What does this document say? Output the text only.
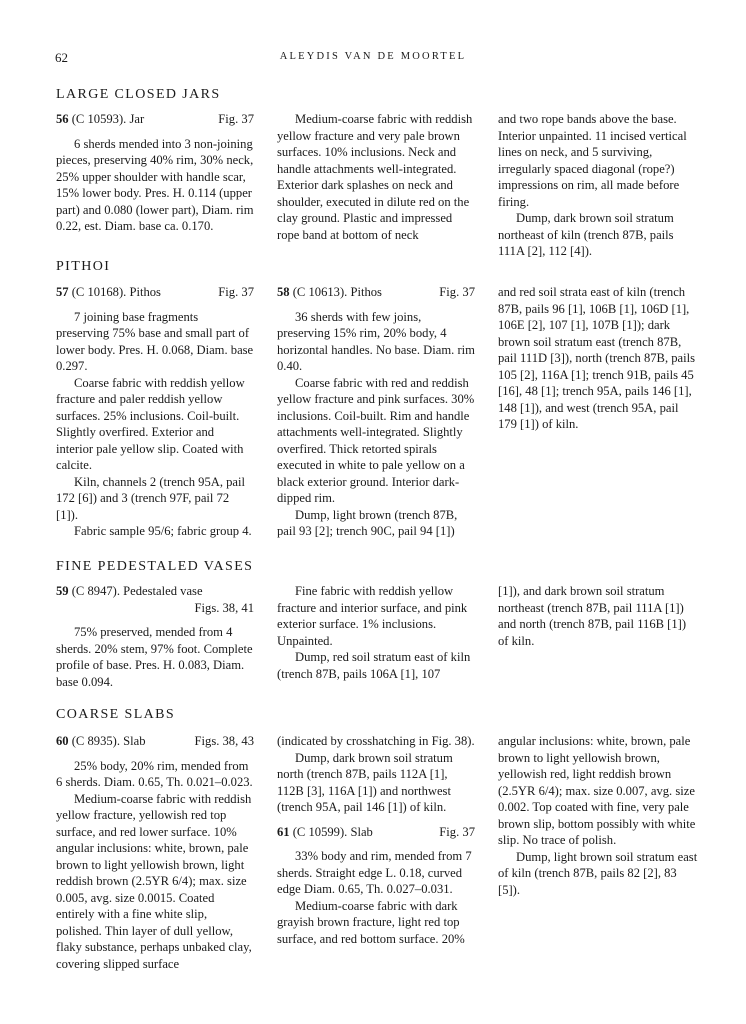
62	ALEYDIS VAN DE MOORTEL
LARGE CLOSED JARS
56 (C 10593). Jar	Fig. 37

6 sherds mended into 3 non-joining pieces, preserving 40% rim, 30% neck, 25% upper shoulder with handle scar, 15% lower body. Pres. H. 0.114 (upper part) and 0.080 (lower part), Diam. rim 0.22, est. Diam. base ca. 0.170.

Medium-coarse fabric with reddish yellow fracture and very pale brown surfaces. 10% inclusions. Neck and handle attachments well-integrated. Exterior dark splashes on neck and shoulder, executed in dilute red on the clay ground. Plastic and impressed rope band at bottom of neck

and two rope bands above the base. Interior unpainted. 11 incised vertical lines on neck, and 5 surviving, irregularly spaced diagonal (rope?) impressions on rim, all made before firing.

Dump, dark brown soil stratum northeast of kiln (trench 87B, pails 111A [2], 112 [4]).

PITHOI
57 (C 10168). Pithos	Fig. 37

7 joining base fragments preserving 75% base and small part of lower body. Pres. H. 0.068, Diam. base 0.297.

Coarse fabric with reddish yellow fracture and paler reddish yellow surfaces. 25% inclusions. Coil-built. Slightly overfired. Exterior and interior pale yellow slip. Coated with calcite.

Kiln, channels 2 (trench 95A, pail 172 [6]) and 3 (trench 97F, pail 72 [1]).

Fabric sample 95/6; fabric group 4.

58 (C 10613). Pithos	Fig. 37

36 sherds with few joins, preserving 15% rim, 20% body, 4 horizontal handles. No base. Diam. rim 0.40.

Coarse fabric with red and reddish yellow fracture and pink surfaces. 30% inclusions. Coil-built. Rim and handle attachments well-integrated. Slightly overfired. Thick retorted spirals executed in white to pale yellow on a black exterior ground. Interior dark-dipped rim.

Dump, light brown (trench 87B, pail 93 [2]; trench 90C, pail 94 [1])

and red soil strata east of kiln (trench 87B, pails 96 [1], 106B [1], 106D [1], 106E [2], 107 [1], 107B [1]); dark brown soil stratum east (trench 87B, pail 111D [3]), north (trench 87B, pails 105 [2], 116A [1]; trench 91B, pails 45 [16], 48 [1]; trench 95A, pails 146 [1], 148 [1]), and west (trench 95A, pail 179 [1]) of kiln.

FINE PEDESTALED VASES
59 (C 8947). Pedestaled vase
Figs. 38, 41

75% preserved, mended from 4 sherds. 20% stem, 97% foot. Complete profile of base. Pres. H. 0.083, Diam. base 0.094.

Fine fabric with reddish yellow fracture and interior surface, and pink exterior surface. 1% inclusions. Unpainted.

Dump, red soil stratum east of kiln (trench 87B, pails 106A [1], 107

[1]), and dark brown soil stratum northeast (trench 87B, pail 111A [1]) and north (trench 87B, pail 116B [1]) of kiln.

COARSE SLABS
60 (C 8935). Slab	Figs. 38, 43

25% body, 20% rim, mended from 6 sherds. Diam. 0.65, Th. 0.021–0.023.

Medium-coarse fabric with reddish yellow fracture, yellowish red top surface, and red lower surface. 10% angular inclusions: white, brown, pale brown to light yellowish brown, light reddish brown (2.5YR 6/4); max. size 0.005, avg. size 0.0015. Coated entirely with a fine white slip, polished. Thin layer of dull yellow, flaky substance, perhaps unbaked clay, covering slipped surface

(indicated by crosshatching in Fig. 38).

Dump, dark brown soil stratum north (trench 87B, pails 112A [1], 112B [3], 116A [1]) and northwest (trench 95A, pail 146 [1]) of kiln.

61 (C 10599). Slab	Fig. 37

33% body and rim, mended from 7 sherds. Straight edge L. 0.18, curved edge Diam. 0.65, Th. 0.027–0.031.

Medium-coarse fabric with dark grayish brown fracture, light red top surface, and red bottom surface. 20%

angular inclusions: white, brown, pale brown to light yellowish brown, yellowish red, light reddish brown (2.5YR 6/4); max. size 0.007, avg. size 0.002. Top coated with fine, very pale brown slip, bottom possibly with white slip. No trace of polish.

Dump, light brown soil stratum east of kiln (trench 87B, pails 82 [2], 83 [5]).
